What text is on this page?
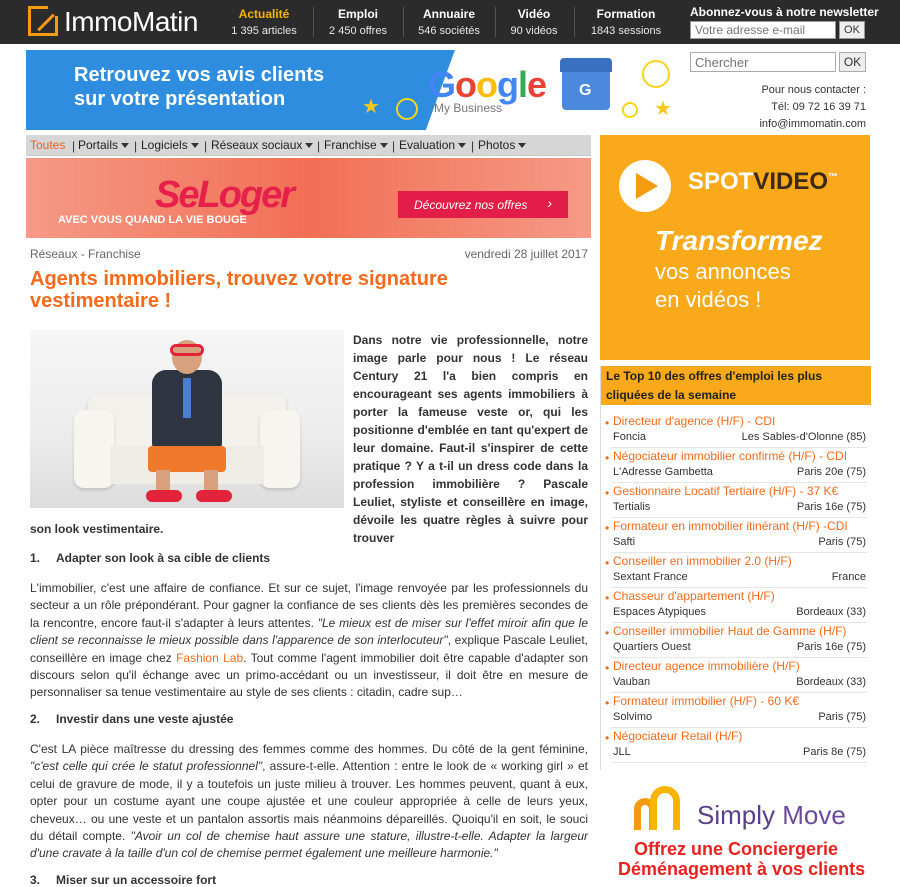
ImmoMatin	Actualité
1 395 articles
Emploi
2 450 offres
Annuaire
546 sociétés
Vidéo
90 vidéos
Formation
1843 sessions
Abonnez-vous à notre newsletter
Votre adresse e-mail
OK
Retrouvez vos avis clients
sur votre présentation	Google
My Business
G
★	★
Chercher
OK
Pour nous contacter :
Tél: 09 72 16 39 71
info@immomatin.com
Toutes | Portails	| Logiciels	| Réseaux sociaux	| Franchise	| Evaluation	| Photos
SeLoger
AVEC VOUS QUAND LA VIE BOUGE
Découvrez nos offres ›
Réseaux - Franchise	vendredi 28 juillet 2017
Agents immobiliers, trouvez votre signature vestimentaire !

Dans notre vie professionnelle, notre image parle pour nous ! Le réseau Century 21 l'a bien compris en encourageant ses agents immobiliers à porter la fameuse veste or, qui les positionne d'emblée en tant qu'expert de leur domaine. Faut-il s'inspirer de cette pratique ? Y a t-il un dress code dans la profession immobilière ? Pascale Leuliet, styliste et conseillère en image, dévoile les quatre règles à suivre pour trouver

son look vestimentaire.

1. Adapter son look à sa cible de clients

L'immobilier, c'est une affaire de confiance. Et sur ce sujet, l'image renvoyée par les professionnels du secteur a un rôle prépondérant. Pour gagner la confiance de ses clients dès les premières secondes de la rencontre, encore faut-il s'adapter à leurs attentes. "Le mieux est de miser sur l'effet miroir afin que le client se reconnaisse le mieux possible dans l'apparence de son interlocuteur", explique Pascale Leuliet, conseillère en image chez Fashion Lab. Tout comme l'agent immobilier doit être capable d'adapter son discours selon qu'il échange avec un primo-accédant ou un investisseur, il doit être en mesure de personnaliser sa tenue vestimentaire au style de ses clients : citadin, cadre sup…

2. Investir dans une veste ajustée

C'est LA pièce maîtresse du dressing des femmes comme des hommes. Du côté de la gent féminine, "c'est celle qui crée le statut professionnel", assure-t-elle. Attention : entre le look de « working girl » et celui de gravure de mode, il y a toutefois un juste milieu à trouver. Les hommes peuvent, quant à eux, opter pour un costume ayant une coupe ajustée et une couleur appropriée à celle de leurs yeux, cheveux… ou une veste et un pantalon assortis mais néanmoins dépareillés. Quoiqu'il en soit, le souci du détail compte. "Avoir un col de chemise haut assure une stature, illustre-t-elle. Adapter la largeur d'une cravate à la taille d'un col de chemise permet également une meilleure harmonie."

3. Miser sur un accessoire fort
SPOTVIDEO™
Transformez
vos annonces
en vidéos !
Le Top 10 des offres d'emploi les plus cliquées de la semaine
• Directeur d'agence (H/F) - CDI
Foncia	Les Sables-d'Olonne (85)
• Négociateur immobilier confirmé (H/F) - CDI
L'Adresse Gambetta	Paris 20e (75)
• Gestionnaire Locatif Tertiaire (H/F) - 37 K€
Tertialis	Paris 16e (75)
• Formateur en immobilier itinérant (H/F) -CDI
Safti	Paris (75)
• Conseiller en immobilier 2.0 (H/F)
Sextant France	France
• Chasseur d'appartement (H/F)
Espaces Atypiques	Bordeaux (33)
• Conseiller immobilier Haut de Gamme (H/F)
Quartiers Ouest	Paris 16e (75)
• Directeur agence immobilière (H/F)
Vauban	Bordeaux (33)
• Formateur immobilier (H/F) - 60 K€
Solvimo	Paris (75)
• Négociateur Retail (H/F)
JLL	Paris 8e (75)
Simply Move
Offrez une Conciergerie
Déménagement à vos clients
